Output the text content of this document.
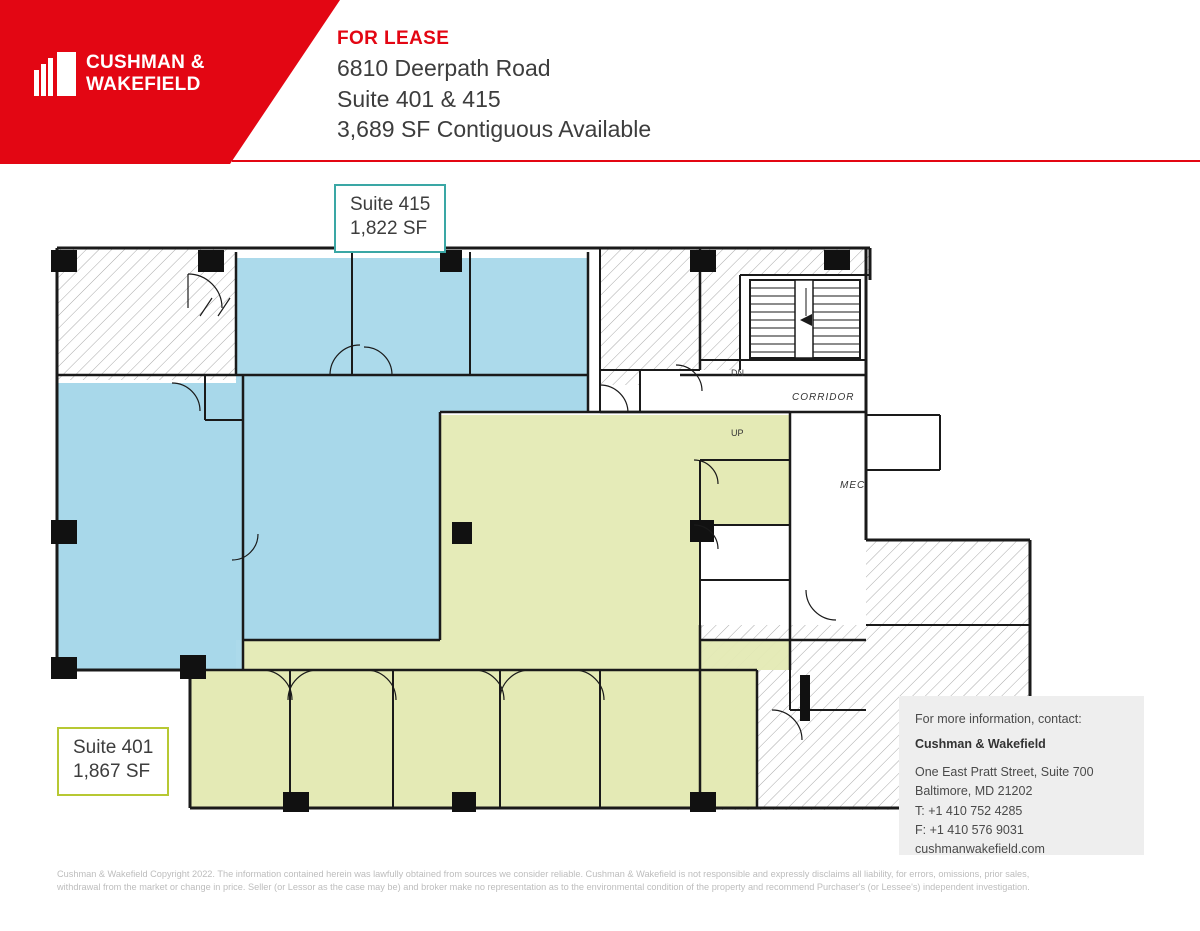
CUSHMAN &
WAKEFIELD
FOR LEASE
6810 Deerpath Road
Suite 401 & 415
3,689 SF Contiguous Available
DN
UP
CORRIDOR
MEC
Suite 415
1,822 SF
Suite 401
1,867 SF
For more information, contact:
Cushman & Wakefield
One East Pratt Street, Suite 700
Baltimore, MD 21202
T: +1 410 752 4285
F: +1 410 576 9031
cushmanwakefield.com
Cushman & Wakefield Copyright 2022. The information contained herein was lawfully obtained from sources we consider reliable. Cushman & Wakefield is not responsible and expressly disclaims all liability, for errors, omissions, prior sales,
withdrawal from the market or change in price. Seller (or Lessor as the case may be) and broker make no representation as to the environmental condition of the property and recommend Purchaser's (or Lessee's) independent investigation.
